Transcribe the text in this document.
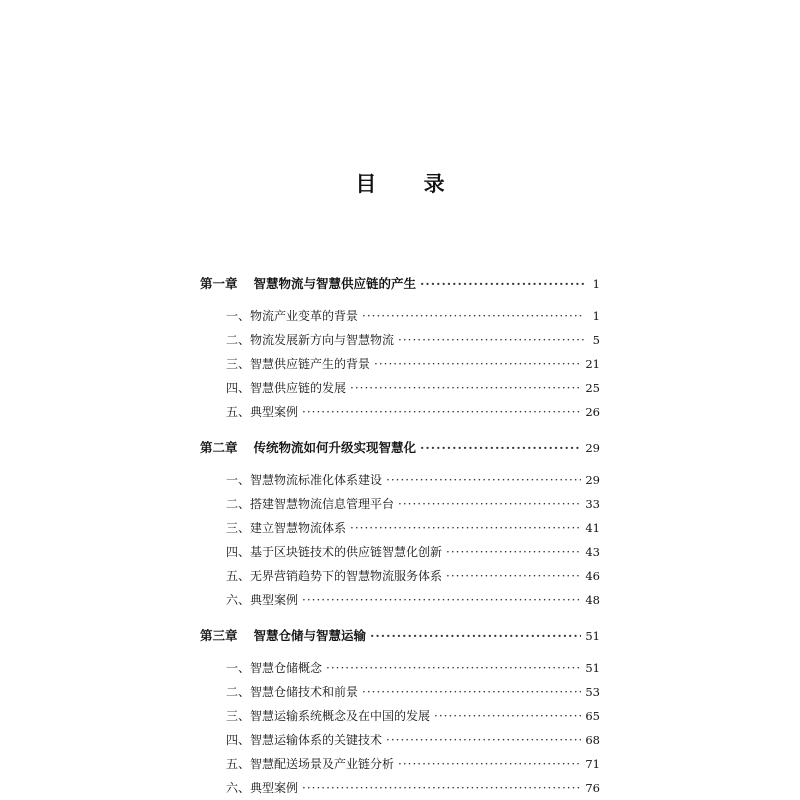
目 录
第一章 智慧物流与智慧供应链的产生 ·····	1
一、物流产业变革的背景 ·····	1
二、物流发展新方向与智慧物流 ·····	5
三、智慧供应链产生的背景 ·····	21
四、智慧供应链的发展 ·····	25
五、典型案例 ·····	26
第二章 传统物流如何升级实现智慧化 ·····	29
一、智慧物流标准化体系建设 ·····	29
二、搭建智慧物流信息管理平台 ·····	33
三、建立智慧物流体系 ·····	41
四、基于区块链技术的供应链智慧化创新 ·····	43
五、无界营销趋势下的智慧物流服务体系 ·····	46
六、典型案例 ·····	48
第三章 智慧仓储与智慧运输 ·····	51
一、智慧仓储概念 ·····	51
二、智慧仓储技术和前景 ·····	53
三、智慧运输系统概念及在中国的发展 ·····	65
四、智慧运输体系的关键技术 ·····	68
五、智慧配送场景及产业链分析 ·····	71
六、典型案例 ·····	76
